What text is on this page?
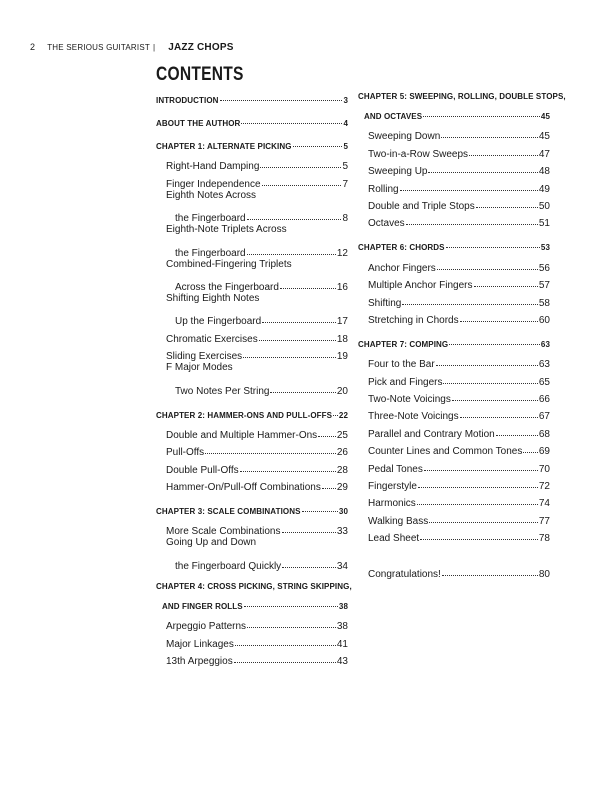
2 THE SERIOUS GUITARIST | JAZZ CHOPS
CONTENTS
INTRODUCTION	3
ABOUT THE AUTHOR	4
CHAPTER 1: ALTERNATE PICKING	5
Right-Hand Damping	5
Finger Independence	7
Eighth Notes Across
the Fingerboard	8
Eighth-Note Triplets Across
the Fingerboard	12
Combined-Fingering Triplets
Across the Fingerboard	16
Shifting Eighth Notes
Up the Fingerboard	17
Chromatic Exercises	18
Sliding Exercises	19
F Major Modes
Two Notes Per String	20
CHAPTER 2: HAMMER-ONS AND PULL-OFFS 22
Double and Multiple Hammer-Ons 25
Pull-Offs	26
Double Pull-Offs	28
Hammer-On/Pull-Off Combinations 29
CHAPTER 3: SCALE COMBINATIONS	30
More Scale Combinations	33
Going Up and Down
the Fingerboard Quickly	34
CHAPTER 4: CROSS PICKING, STRING SKIPPING,
AND FINGER ROLLS	38
Arpeggio Patterns	38
Major Linkages	41
13th Arpeggios	43
CHAPTER 5: SWEEPING, ROLLING, DOUBLE STOPS,
AND OCTAVES	45
Sweeping Down	45
Two-in-a-Row Sweeps	47
Sweeping Up	48
Rolling	49
Double and Triple Stops	50
Octaves	51
CHAPTER 6: CHORDS	53
Anchor Fingers	56
Multiple Anchor Fingers	57
Shifting	58
Stretching in Chords	60
CHAPTER 7: COMPING	63
Four to the Bar	63
Pick and Fingers	65
Two-Note Voicings	66
Three-Note Voicings	67
Parallel and Contrary Motion	68
Counter Lines and Common Tones 69
Pedal Tones	70
Fingerstyle	72
Harmonics	74
Walking Bass	77
Lead Sheet	78
Congratulations!	80
